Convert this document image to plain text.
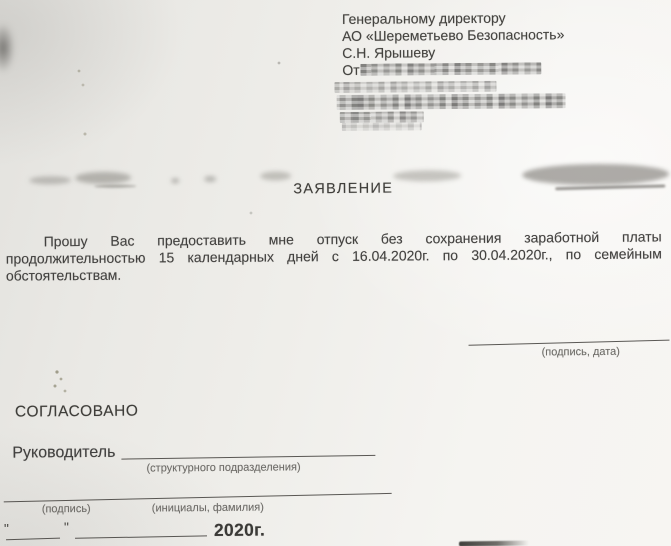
Генеральному директору
АО «Шереметьево Безопасность»
С.Н. Ярышеву
От
ЗАЯВЛЕНИЕ
Прошу Вас предоставить мне отпуск без сохранения заработной платы
продолжительностью 15 календарных дней с 16.04.2020г. по 30.04.2020г., по семейным
обстоятельствам.
(подпись, дата)
СОГЛАСОВАНО
Руководитель
(структурного подразделения)
(подпись)	(инициалы, фамилия)
"	"	2020г.
